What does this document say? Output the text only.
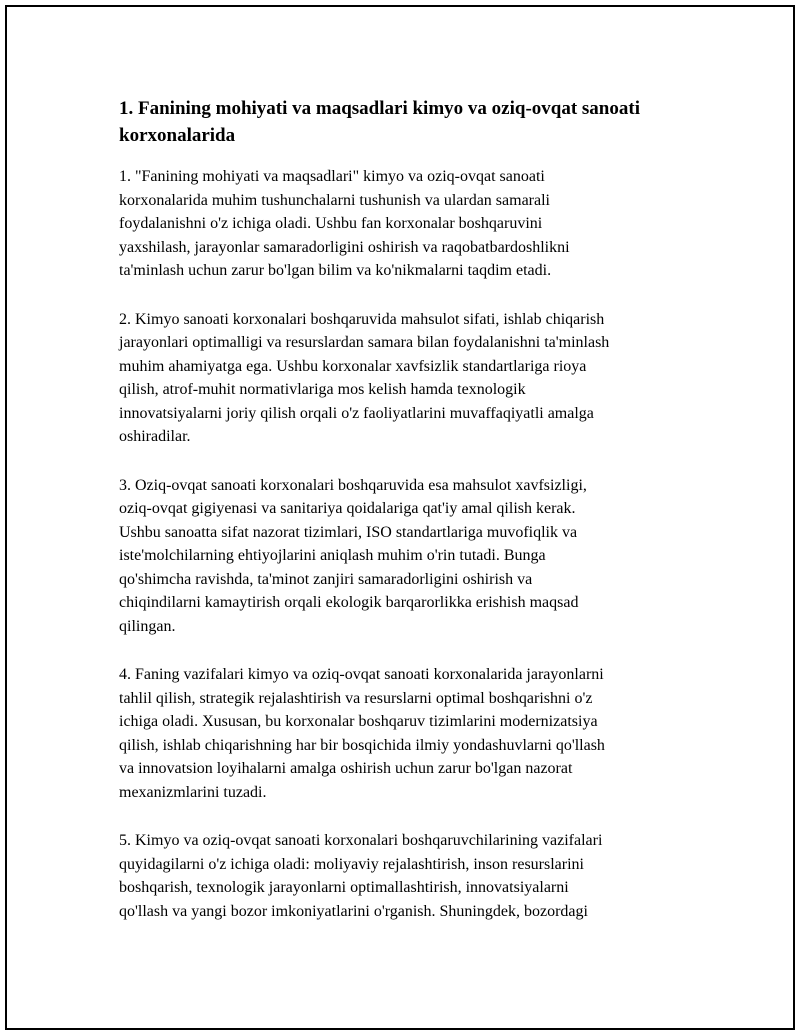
1. Fanining mohiyati va maqsadlari kimyo va oziq-ovqat sanoati korxonalarida

1. "Fanining mohiyati va maqsadlari" kimyo va oziq-ovqat sanoati
korxonalarida muhim tushunchalarni tushunish va ulardan samarali
foydalanishni o'z ichiga oladi. Ushbu fan korxonalar boshqaruvini
yaxshilash, jarayonlar samaradorligini oshirish va raqobatbardoshlikni
ta'minlash uchun zarur bo'lgan bilim va ko'nikmalarni taqdim etadi.

2. Kimyo sanoati korxonalari boshqaruvida mahsulot sifati, ishlab chiqarish
jarayonlari optimalligi va resurslardan samara bilan foydalanishni ta'minlash
muhim ahamiyatga ega. Ushbu korxonalar xavfsizlik standartlariga rioya
qilish, atrof-muhit normativlariga mos kelish hamda texnologik
innovatsiyalarni joriy qilish orqali o'z faoliyatlarini muvaffaqiyatli amalga
oshiradilar.

3. Oziq-ovqat sanoati korxonalari boshqaruvida esa mahsulot xavfsizligi,
oziq-ovqat gigiyenasi va sanitariya qoidalariga qat'iy amal qilish kerak.
Ushbu sanoatta sifat nazorat tizimlari, ISO standartlariga muvofiqlik va
iste'molchilarning ehtiyojlarini aniqlash muhim o'rin tutadi. Bunga
qo'shimcha ravishda, ta'minot zanjiri samaradorligini oshirish va
chiqindilarni kamaytirish orqali ekologik barqarorlikka erishish maqsad
qilingan.

4. Faning vazifalari kimyo va oziq-ovqat sanoati korxonalarida jarayonlarni
tahlil qilish, strategik rejalashtirish va resurslarni optimal boshqarishni o'z
ichiga oladi. Xususan, bu korxonalar boshqaruv tizimlarini modernizatsiya
qilish, ishlab chiqarishning har bir bosqichida ilmiy yondashuvlarni qo'llash
va innovatsion loyihalarni amalga oshirish uchun zarur bo'lgan nazorat
mexanizmlarini tuzadi.

5. Kimyo va oziq-ovqat sanoati korxonalari boshqaruvchilarining vazifalari
quyidagilarni o'z ichiga oladi: moliyaviy rejalashtirish, inson resurslarini
boshqarish, texnologik jarayonlarni optimallashtirish, innovatsiyalarni
qo'llash va yangi bozor imkoniyatlarini o'rganish. Shuningdek, bozordagi
